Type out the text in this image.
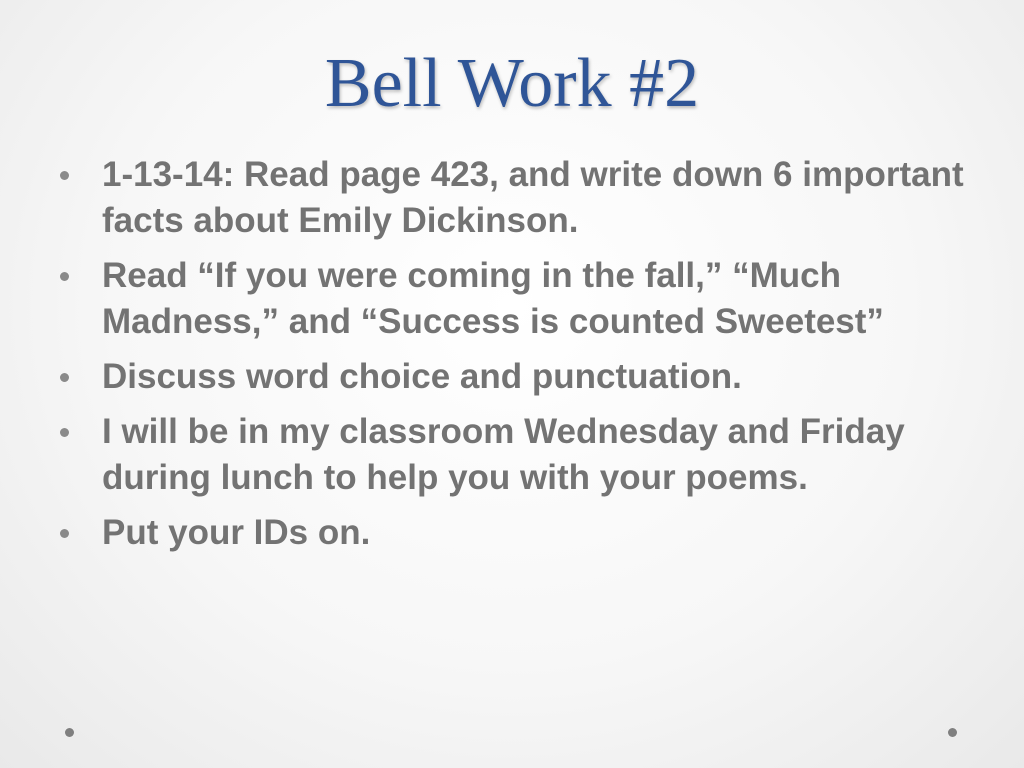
Bell Work #2
1-13-14: Read page 423, and write down 6 important facts about Emily Dickinson.
Read “If you were coming in the fall,” “Much Madness,” and “Success is counted Sweetest”
Discuss word choice and punctuation.
I will be in my classroom Wednesday and Friday during lunch to help you with your poems.
Put your IDs on.
